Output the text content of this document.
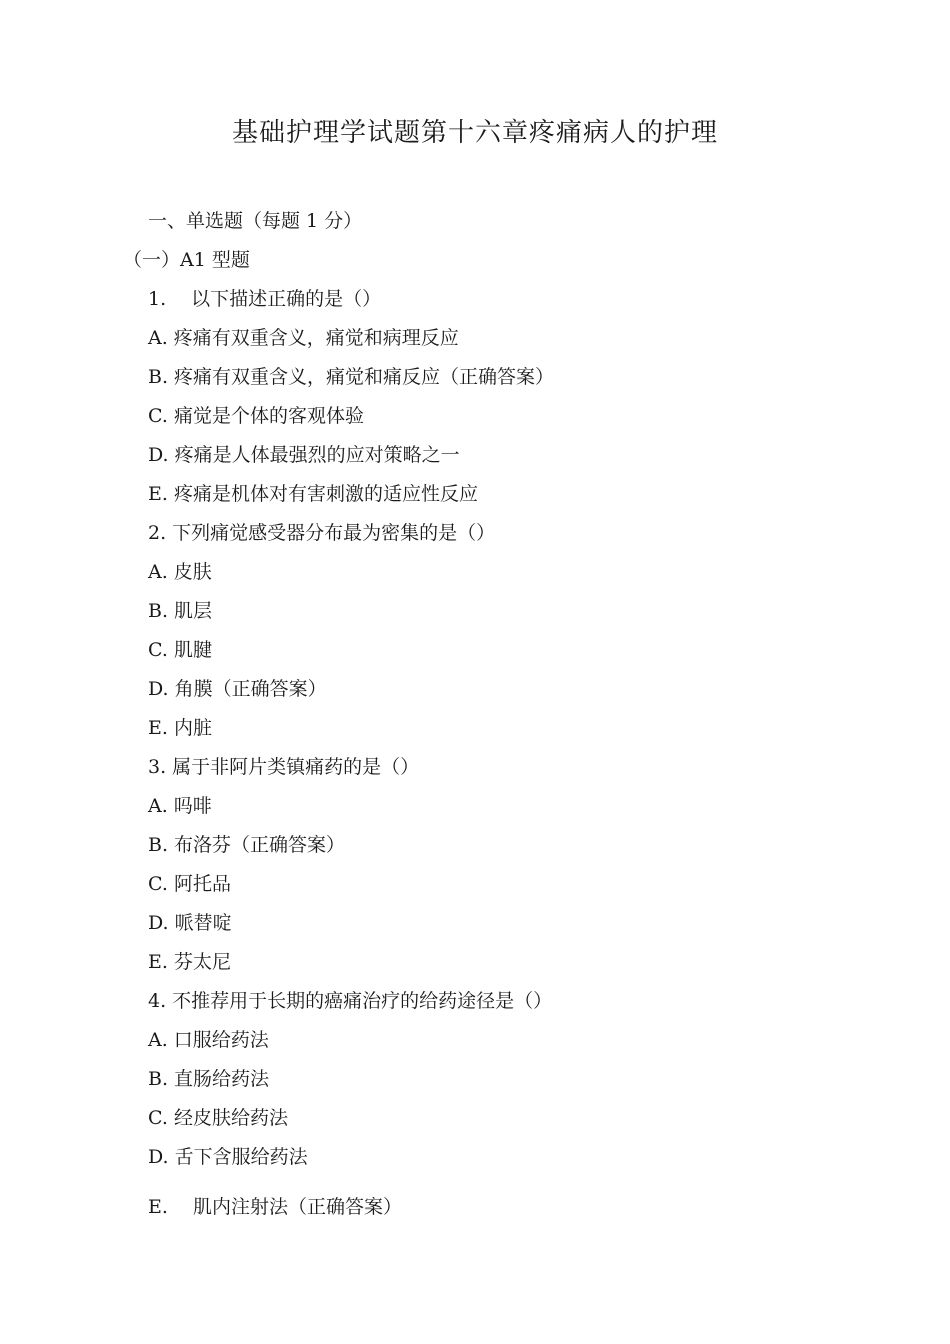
基础护理学试题第十六章疼痛病人的护理
一、单选题（每题 1 分）
（一）A1 型题
1.　 以下描述正确的是（）
A. 疼痛有双重含义，痛觉和病理反应
B. 疼痛有双重含义，痛觉和痛反应（正确答案）
C. 痛觉是个体的客观体验
D. 疼痛是人体最强烈的应对策略之一
E. 疼痛是机体对有害刺激的适应性反应
2. 下列痛觉感受器分布最为密集的是（）
A. 皮肤
B. 肌层
C. 肌腱
D. 角膜（正确答案）
E. 内脏
3. 属于非阿片类镇痛药的是（）
A. 吗啡
B. 布洛芬（正确答案）
C. 阿托品
D. 哌替啶
E. 芬太尼
4. 不推荐用于长期的癌痛治疗的给药途径是（）
A. 口服给药法
B. 直肠给药法
C. 经皮肤给药法
D. 舌下含服给药法
E.　 肌内注射法（正确答案）
